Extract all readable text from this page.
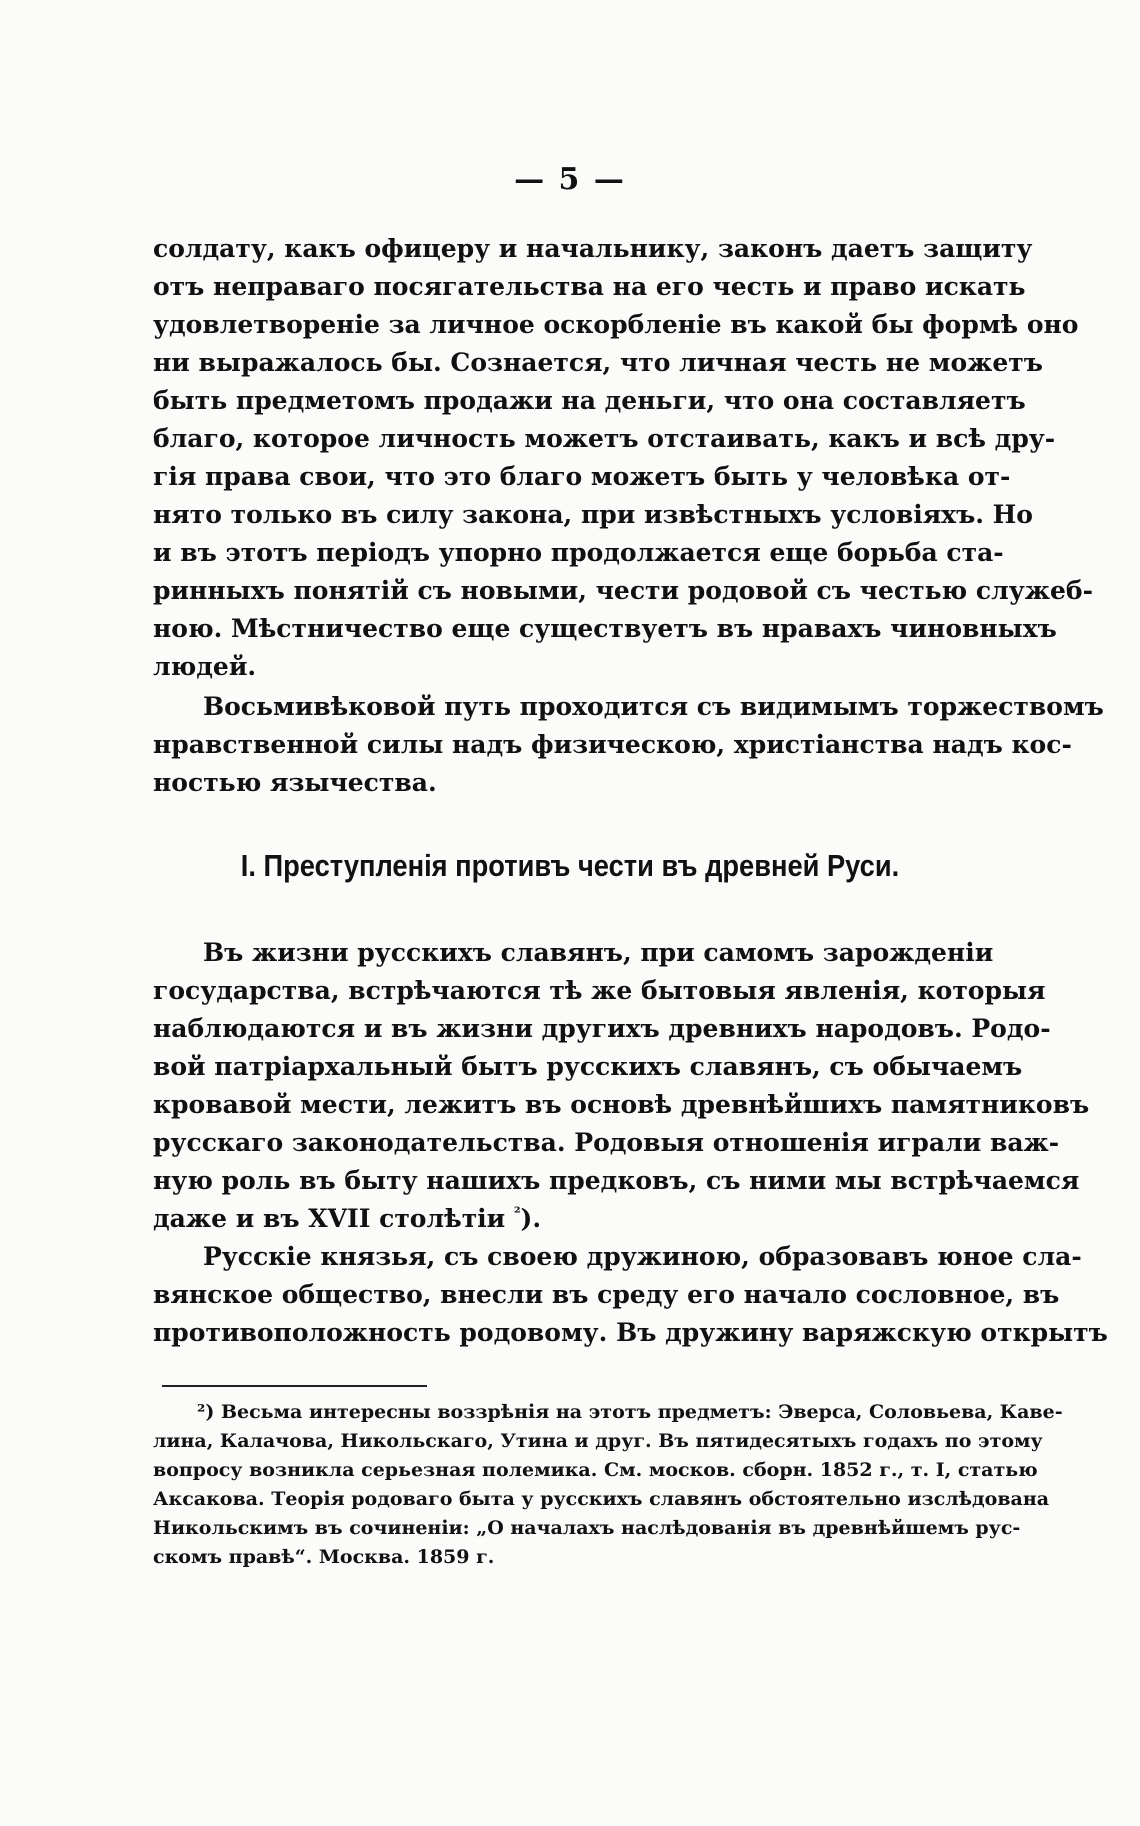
— 5 —
солдату, какъ офицеру и начальнику, законъ даетъ защиту
отъ неправаго посягательства на его честь и право искать
удовлетвореніе за личное оскорбленіе въ какой бы формѣ оно
ни выражалось бы. Сознается, что личная честь не можетъ
быть предметомъ продажи на деньги, что она составляетъ
благо, которое личность можетъ отстаивать, какъ и всѣ дру-
гія права свои, что это благо можетъ быть у человѣка от-
нято только въ силу закона, при извѣстныхъ условіяхъ. Но
и въ этотъ періодъ упорно продолжается еще борьба ста-
ринныхъ понятій съ новыми, чести родовой съ честью служеб-
ною. Мѣстничество еще существуетъ въ нравахъ чиновныхъ
людей.
Восьмивѣковой путь проходится съ видимымъ торжествомъ
нравственной силы надъ физическою, христіанства надъ кос-
ностью язычества.
I. Преступленія противъ чести въ древней Руси.
Въ жизни русскихъ славянъ, при самомъ зарожденіи
государства, встрѣчаются тѣ же бытовыя явленія, которыя
наблюдаются и въ жизни другихъ древнихъ народовъ. Родо-
вой патріархальный бытъ русскихъ славянъ, съ обычаемъ
кровавой мести, лежитъ въ основѣ древнѣйшихъ памятниковъ
русскаго законодательства. Родовыя отношенія играли важ-
ную роль въ быту нашихъ предковъ, съ ними мы встрѣчаемся
даже и въ XVII столѣтіи $^{^2}$).
Русскіе князья, съ своею дружиною, образовавъ юное сла-
вянское общество, внесли въ среду его начало сословное, въ
противоположность родовому. Въ дружину варяжскую открытъ
²) Весьма интересны воззрѣнія на этотъ предметъ: Эверса, Соловьева, Кавe-
лина, Калачова, Никольскаго, Утина и друг. Въ пятидесятыхъ годахъ по этому
вопросу возникла серьезная полемика. См. москов. сборн. 1852 г., т. I, статью
Аксакова. Теорія родоваго быта у русскихъ славянъ обстоятельно изслѣдована
Никольскимъ въ сочиненіи: „О началахъ наслѣдованія въ древнѣйшемъ рус-
скомъ правѣ“. Москва. 1859 г.
